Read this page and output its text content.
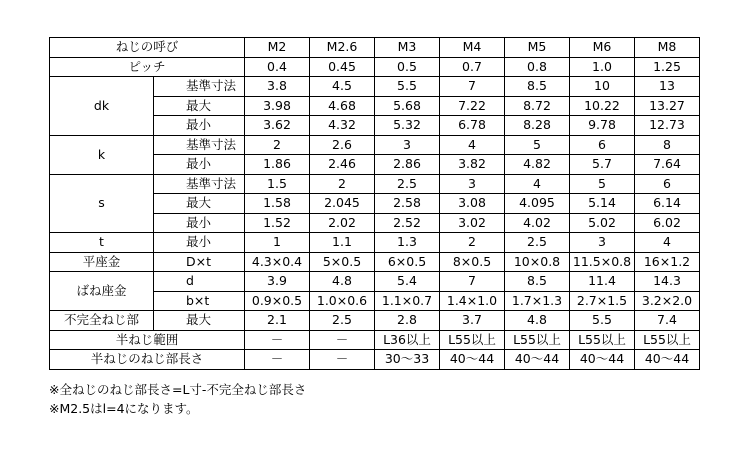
ねじの呼び		M2	M2.6	M3	M4	M5	M6	M8
ピッチ		0.4	0.45	0.5	0.7	0.8	1.0	1.25
dk	基準寸法	3.8	4.5	5.5	7	8.5	10	13
	最大	3.98	4.68	5.68	7.22	8.72	10.22	13.27
	最小	3.62	4.32	5.32	6.78	8.28	9.78	12.73
k	基準寸法	2	2.6	3	4	5	6	8
	最小	1.86	2.46	2.86	3.82	4.82	5.7	7.64
s	基準寸法	1.5	2	2.5	3	4	5	6
	最大	1.58	2.045	2.58	3.08	4.095	5.14	6.14
	最小	1.52	2.02	2.52	3.02	4.02	5.02	6.02
t	最小	1	1.1	1.3	2	2.5	3	4
平座金	D×t	4.3×0.4	5×0.5	6×0.5	8×0.5	10×0.8	11.5×0.8	16×1.2
ばね座金	d	3.9	4.8	5.4	7	8.5	11.4	14.3
	b×t	0.9×0.5	1.0×0.6	1.1×0.7	1.4×1.0	1.7×1.3	2.7×1.5	3.2×2.0
不完全ねじ部	最大	2.1	2.5	2.8	3.7	4.8	5.5	7.4
半ねじ範囲		－	－	L36以上	L55以上	L55以上	L55以上	L55以上
半ねじのねじ部長さ		－	－	30～33	40～44	40～44	40～44	40～44
※全ねじのねじ部長さ=L寸-不完全ねじ部長さ
※M2.5はl=4になります。
